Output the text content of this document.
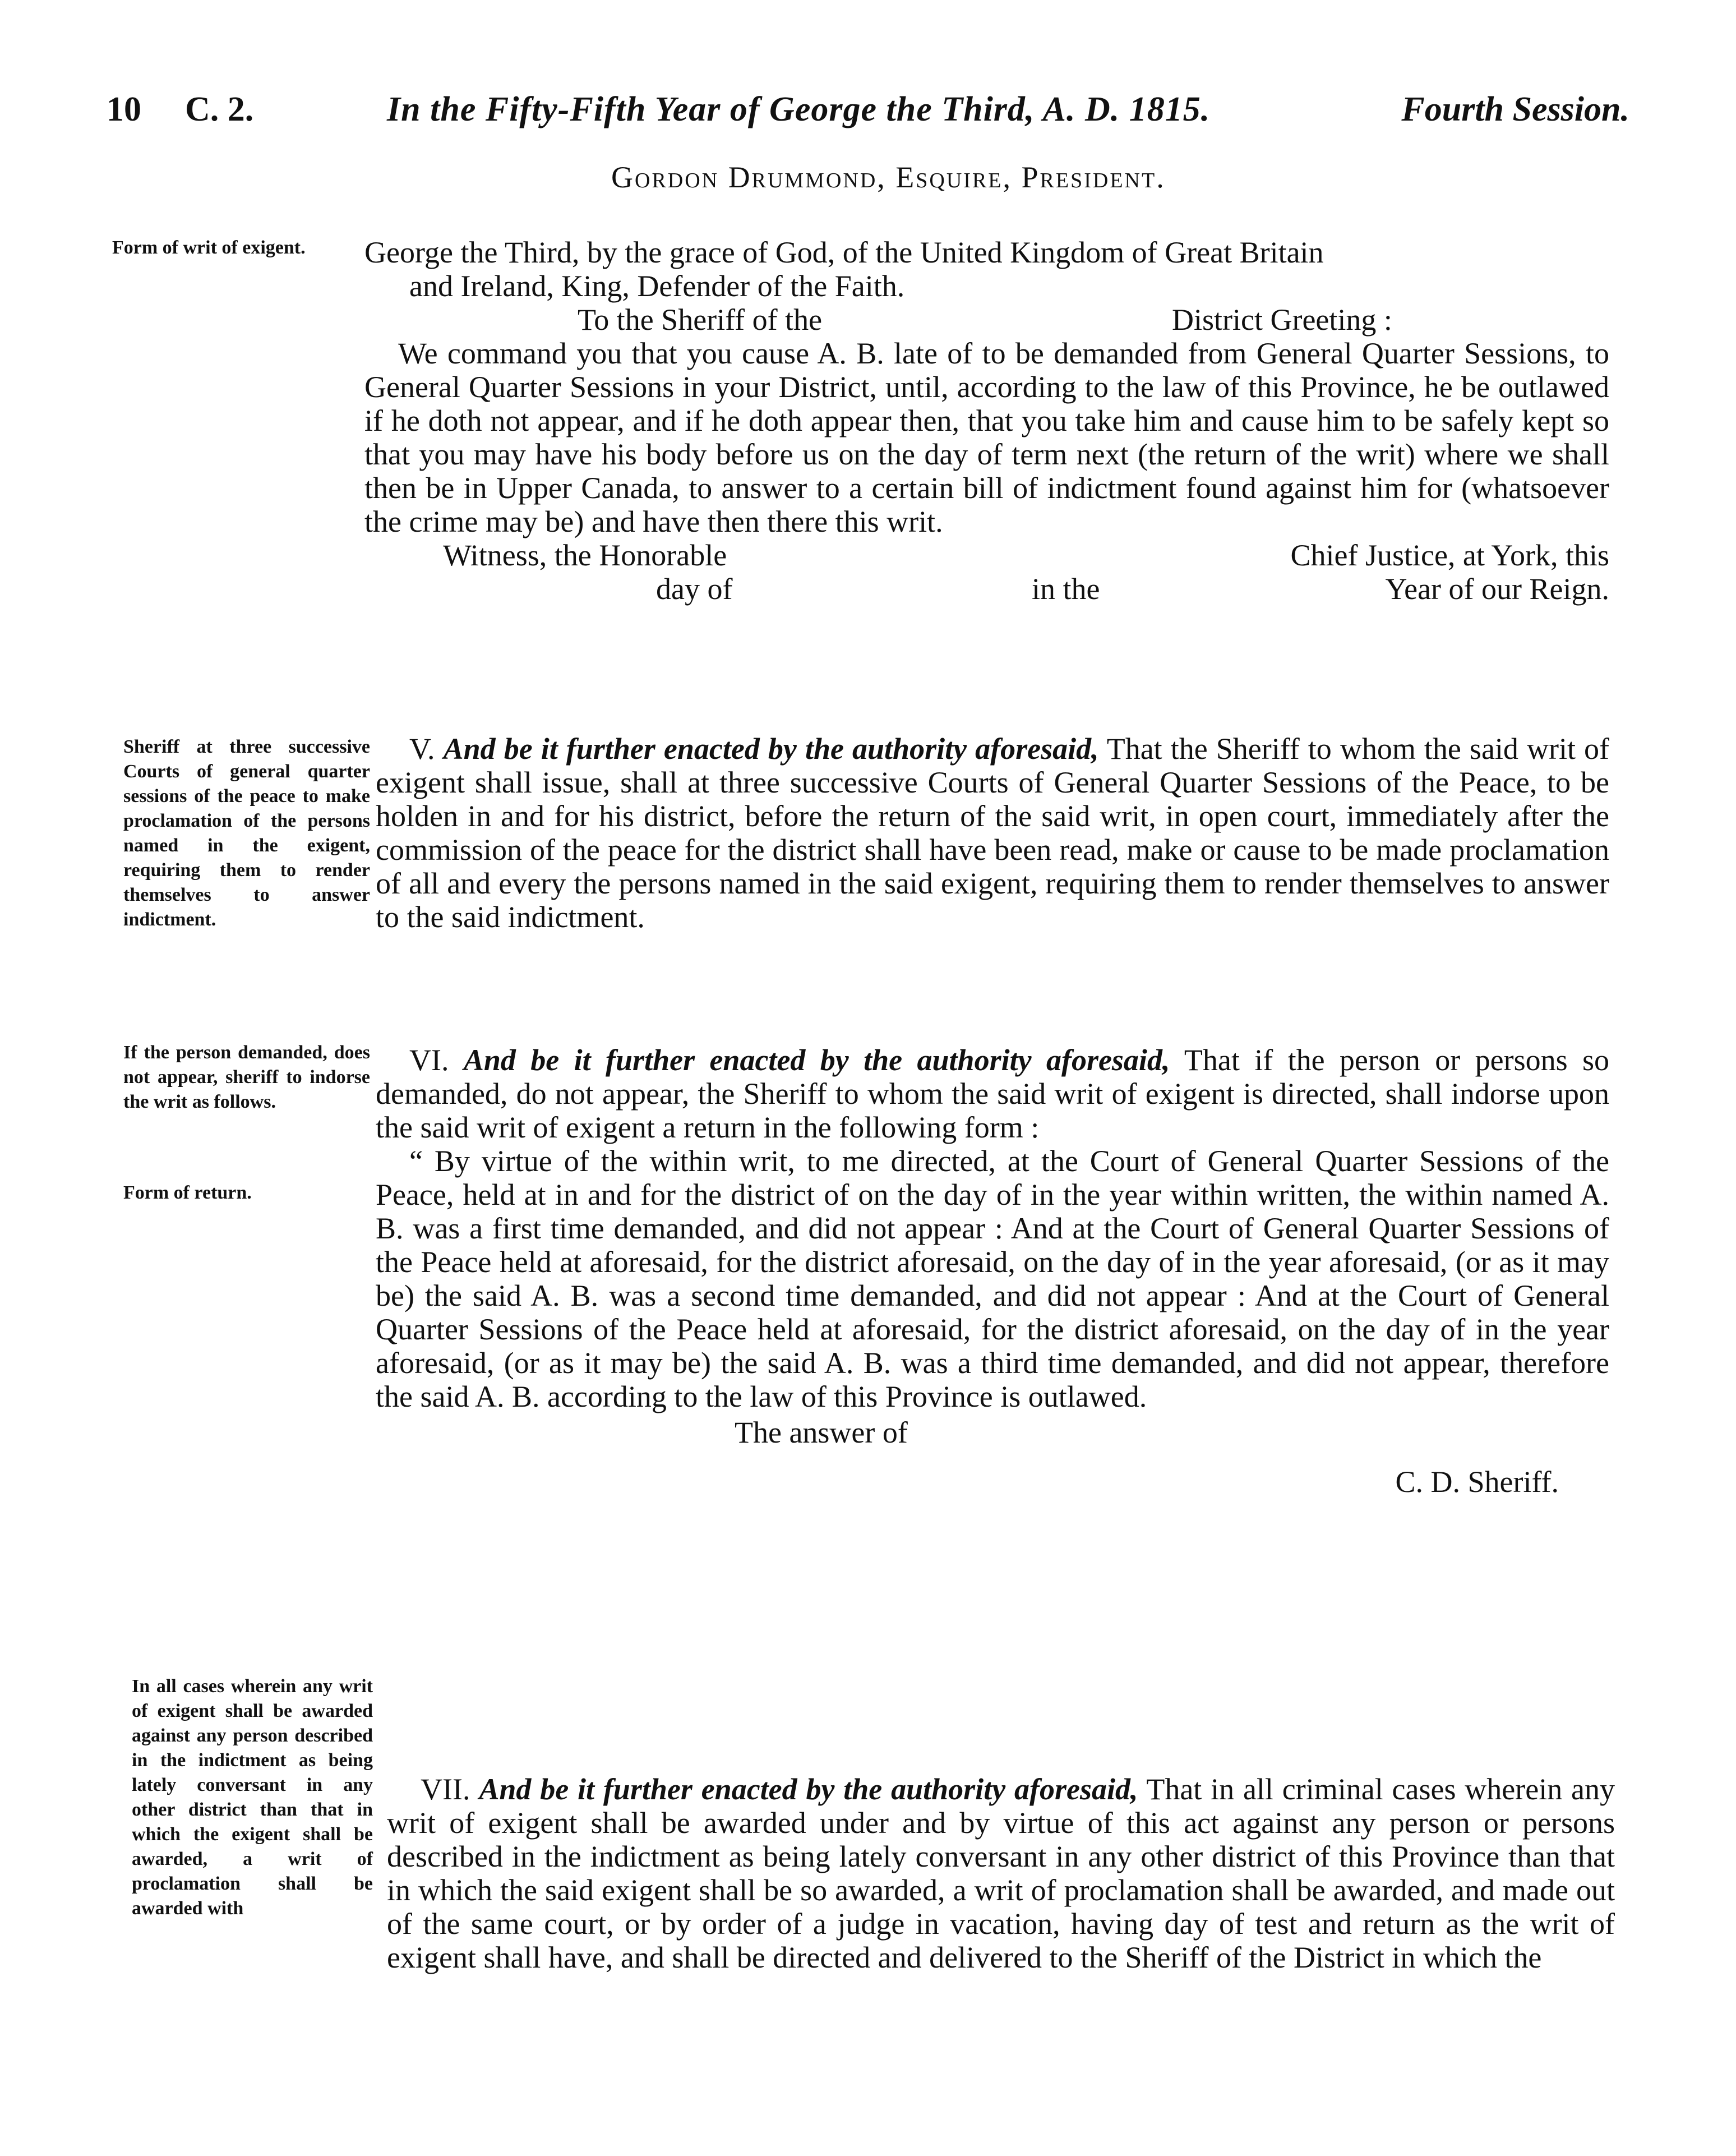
10 C. 2.	In the Fifty-Fifth Year of George the Third, A. D. 1815.	Fourth Session.
Gordon Drummond, Esquire, President.
Form of writ of exigent.
Sheriff at three successive Courts of general quarter sessions of the peace to make proclamation of the persons named in the exigent, requiring them to render themselves to answer indictment.
If the person demanded, does not appear, sheriff to indorse the writ as follows.
Form of return.
In all cases wherein any writ of exigent shall be awarded against any person described in the indictment as being lately conversant in any other district than that in which the exigent shall be awarded, a writ of proclamation shall be awarded with

George the Third, by the grace of God, of the United Kingdom of Great Britain

and Ireland, King, Defender of the Faith.

To the Sheriff of the	District Greeting :

We command you that you cause A. B. late of to be demanded from General Quarter Sessions, to General Quarter Sessions in your District, until, according to the law of this Province, he be outlawed if he doth not appear, and if he doth appear then, that you take him and cause him to be safely kept so that you may have his body before us on the day of term next (the return of the writ) where we shall then be in Upper Canada, to answer to a certain bill of indictment found against him for (whatsoever the crime may be) and have then there this writ.

Witness, the Honorable	Chief Justice, at York, this

day of	in the	Year of our Reign.

V. And be it further enacted by the authority aforesaid, That the Sheriff to whom the said writ of exigent shall issue, shall at three successive Courts of General Quarter Sessions of the Peace, to be holden in and for his district, before the return of the said writ, in open court, immediately after the commission of the peace for the district shall have been read, make or cause to be made proclamation of all and every the persons named in the said exigent, requiring them to render themselves to answer to the said indictment.

VI. And be it further enacted by the authority aforesaid, That if the person or persons so demanded, do not appear, the Sheriff to whom the said writ of exigent is directed, shall indorse upon the said writ of exigent a return in the following form :

“ By virtue of the within writ, to me directed, at the Court of General Quarter Sessions of the Peace, held at in and for the district of on the day of in the year within written, the within named A. B. was a first time demanded, and did not appear : And at the Court of General Quarter Sessions of the Peace held at aforesaid, for the district aforesaid, on the day of in the year aforesaid, (or as it may be) the said A. B. was a second time demanded, and did not appear : And at the Court of General Quarter Sessions of the Peace held at aforesaid, for the district aforesaid, on the day of in the year aforesaid, (or as it may be) the said A. B. was a third time demanded, and did not appear, therefore the said A. B. according to the law of this Province is outlawed.

The answer of

C. D. Sheriff.

VII. And be it further enacted by the authority aforesaid, That in all criminal cases wherein any writ of exigent shall be awarded under and by virtue of this act against any person or persons described in the indictment as being lately conversant in any other district of this Province than that in which the said exigent shall be so awarded, a writ of proclamation shall be awarded, and made out of the same court, or by order of a judge in vacation, having day of test and return as the writ of exigent shall have, and shall be directed and delivered to the Sheriff of the District in which the
